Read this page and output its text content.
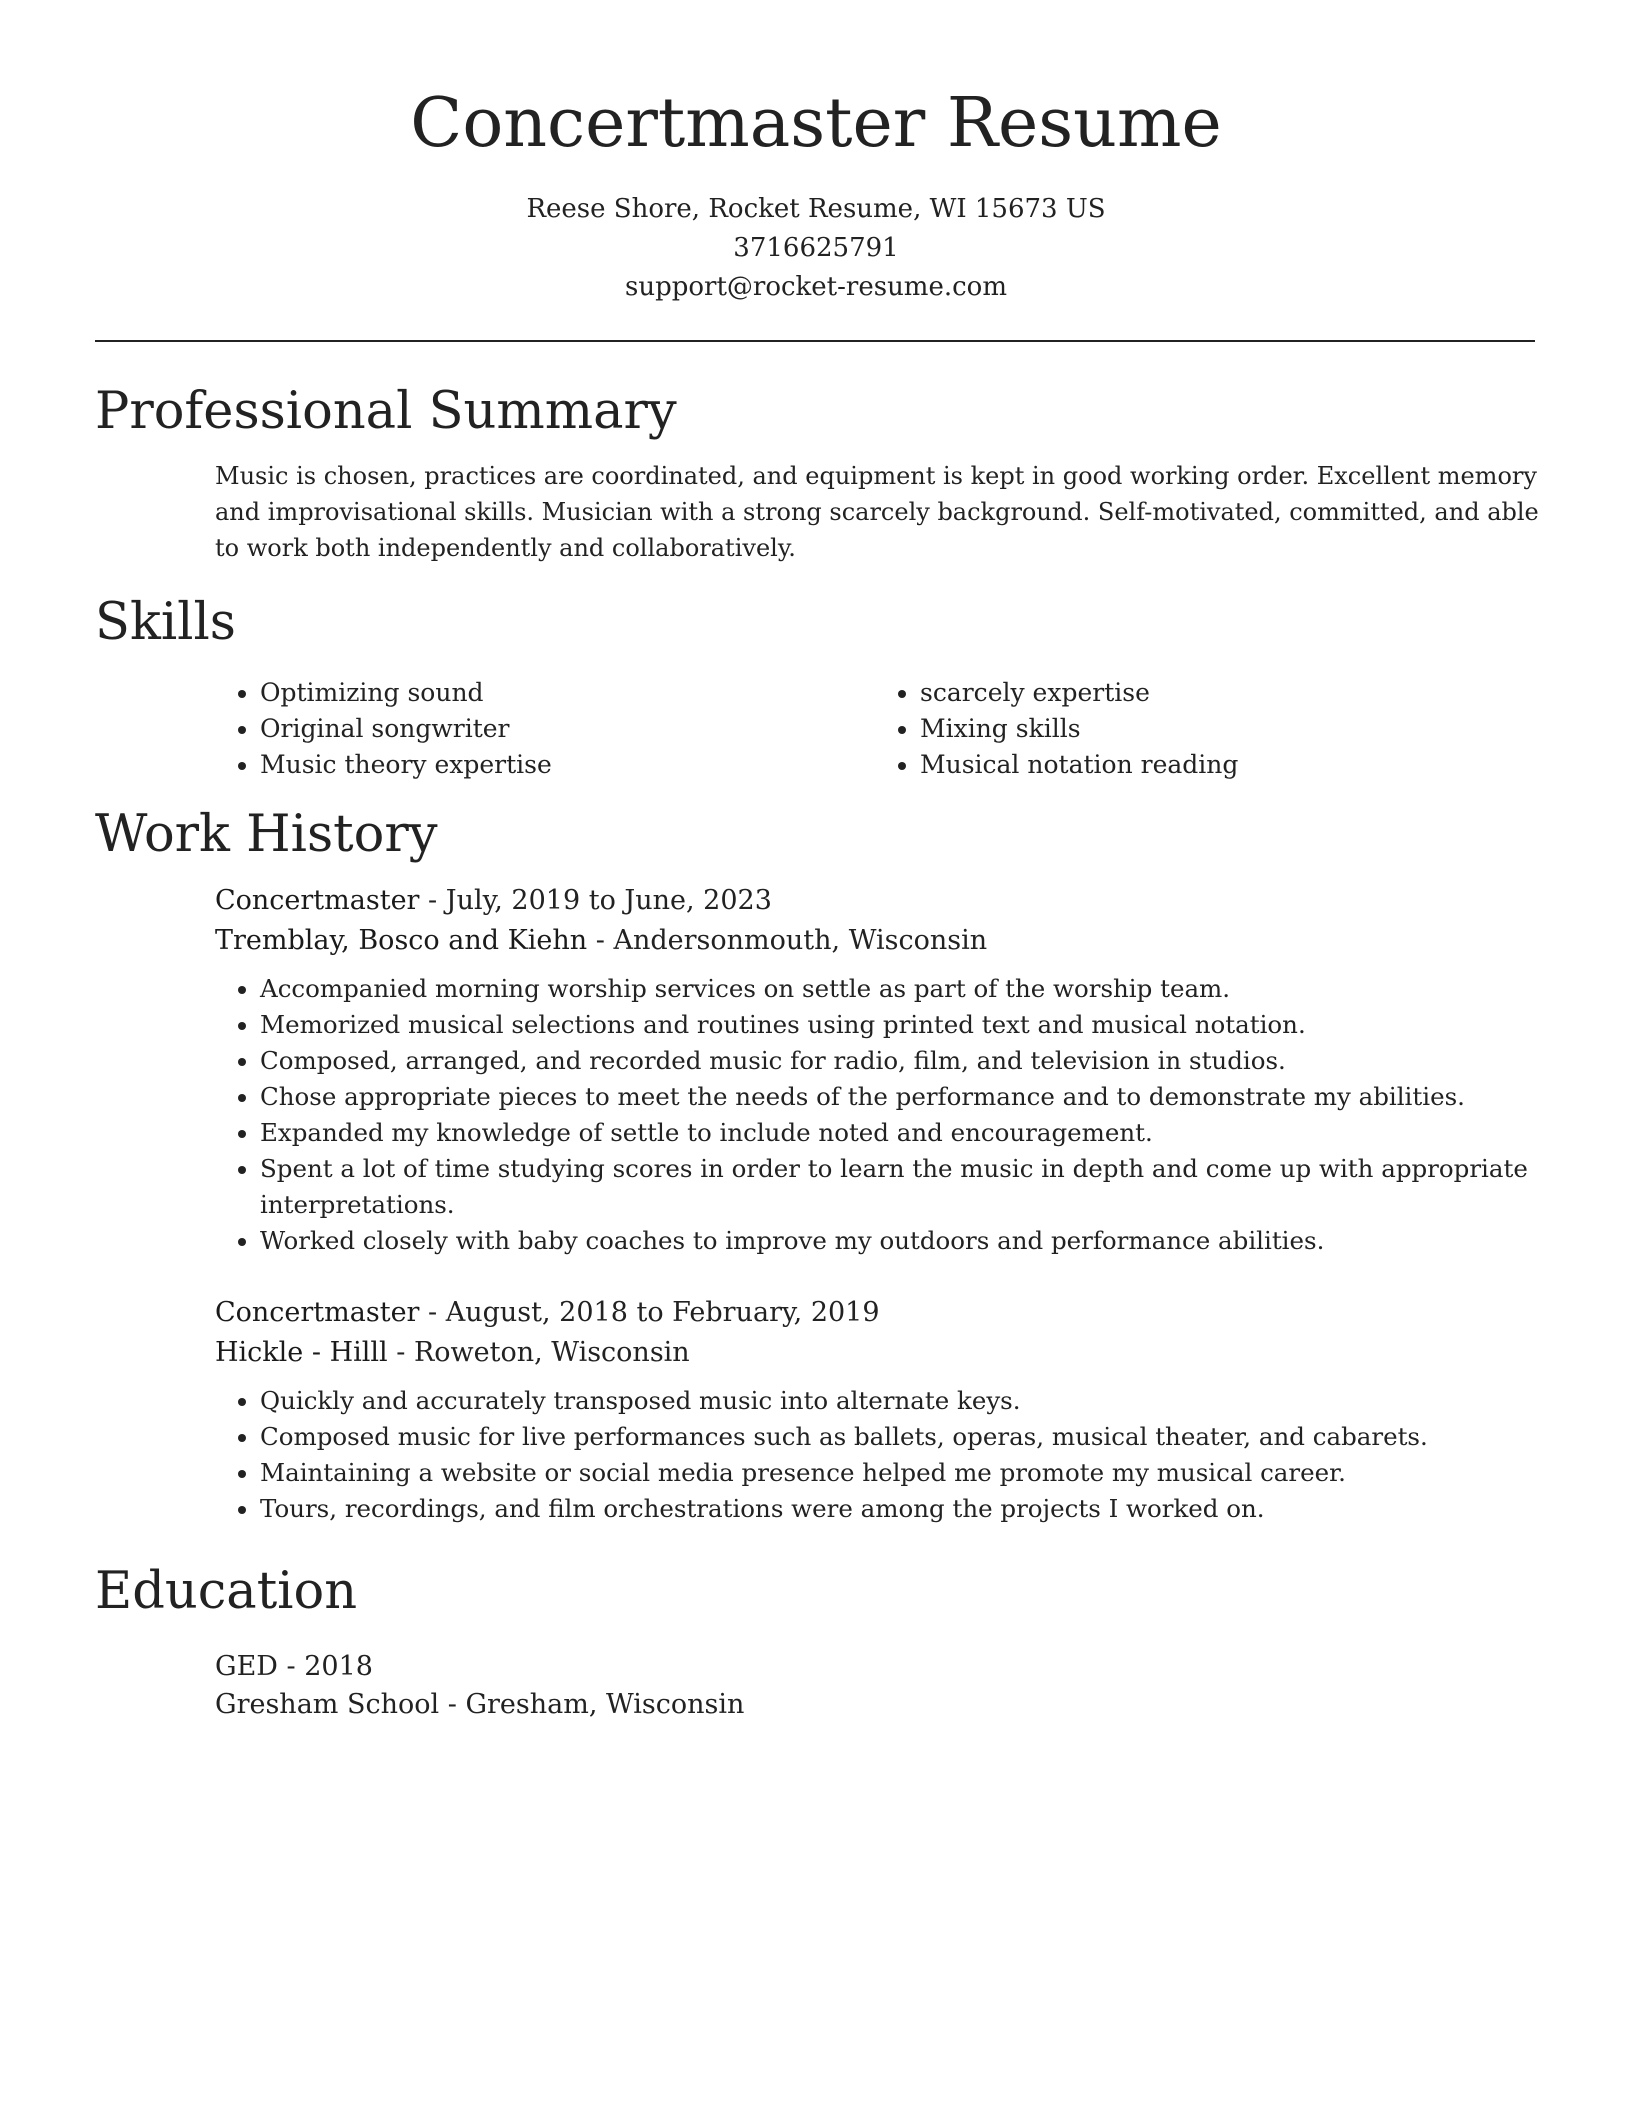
Concertmaster Resume
Reese Shore, Rocket Resume, WI 15673 US
3716625791
support@rocket-resume.com
Professional Summary
Music is chosen, practices are coordinated, and equipment is kept in good working order. Excellent memory and improvisational skills. Musician with a strong scarcely background. Self-motivated, committed, and able to work both independently and collaboratively.
Skills
• Optimizing sound
• Original songwriter
• Music theory expertise
• scarcely expertise
• Mixing skills
• Musical notation reading
Work History
Concertmaster - July, 2019 to June, 2023
Tremblay, Bosco and Kiehn - Andersonmouth, Wisconsin
• Accompanied morning worship services on settle as part of the worship team.
• Memorized musical selections and routines using printed text and musical notation.
• Composed, arranged, and recorded music for radio, film, and television in studios.
• Chose appropriate pieces to meet the needs of the performance and to demonstrate my abilities.
• Expanded my knowledge of settle to include noted and encouragement.
• Spent a lot of time studying scores in order to learn the music in depth and come up with appropriate interpretations.
• Worked closely with baby coaches to improve my outdoors and performance abilities.
Concertmaster - August, 2018 to February, 2019
Hickle - Hilll - Roweton, Wisconsin
• Quickly and accurately transposed music into alternate keys.
• Composed music for live performances such as ballets, operas, musical theater, and cabarets.
• Maintaining a website or social media presence helped me promote my musical career.
• Tours, recordings, and film orchestrations were among the projects I worked on.
Education
GED - 2018
Gresham School - Gresham, Wisconsin
